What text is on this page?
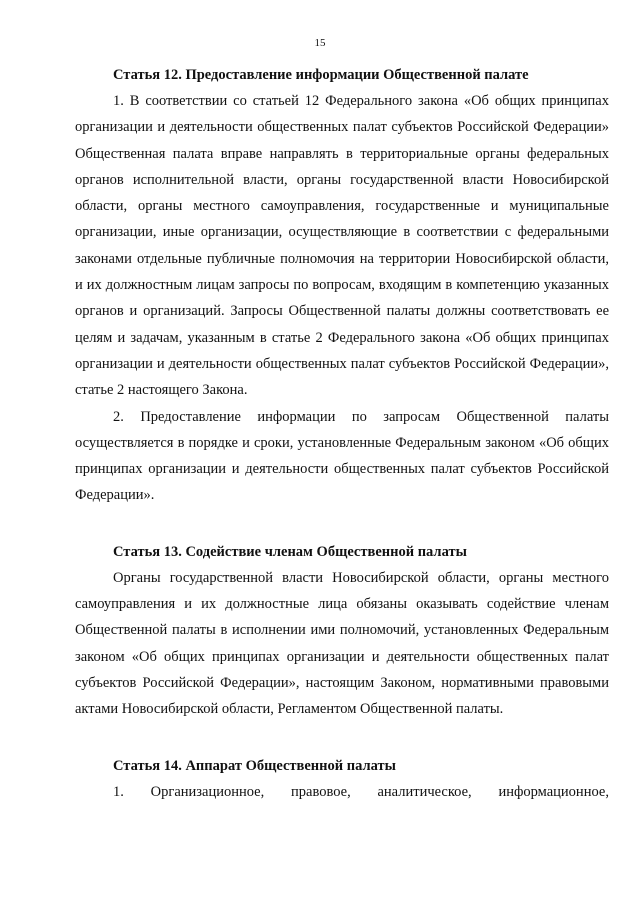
15

Статья 12. Предоставление информации Общественной палате

1. В соответствии со статьей 12 Федерального закона «Об общих принципах организации и деятельности общественных палат субъектов Российской Федерации» Общественная палата вправе направлять в территориальные органы федеральных органов исполнительной власти, органы государственной власти Новосибирской области, органы местного самоуправления, государственные и муниципальные организации, иные организации, осуществляющие в соответствии с федеральными законами отдельные публичные полномочия на территории Новосибирской области, и их должностным лицам запросы по вопросам, входящим в компетенцию указанных органов и организаций. Запросы Общественной палаты должны соответствовать ее целям и задачам, указанным в статье 2 Федерального закона «Об общих принципах организации и деятельности общественных палат субъектов Российской Федерации», статье 2 настоящего Закона.

2. Предоставление информации по запросам Общественной палаты осуществляется в порядке и сроки, установленные Федеральным законом «Об общих принципах организации и деятельности общественных палат субъектов Российской Федерации».

Статья 13. Содействие членам Общественной палаты

Органы государственной власти Новосибирской области, органы местного самоуправления и их должностные лица обязаны оказывать содействие членам Общественной палаты в исполнении ими полномочий, установленных Федеральным законом «Об общих принципах организации и деятельности общественных палат субъектов Российской Федерации», настоящим Законом, нормативными правовыми актами Новосибирской области, Регламентом Общественной палаты.

Статья 14. Аппарат Общественной палаты

1. Организационное, правовое, аналитическое, информационное,
